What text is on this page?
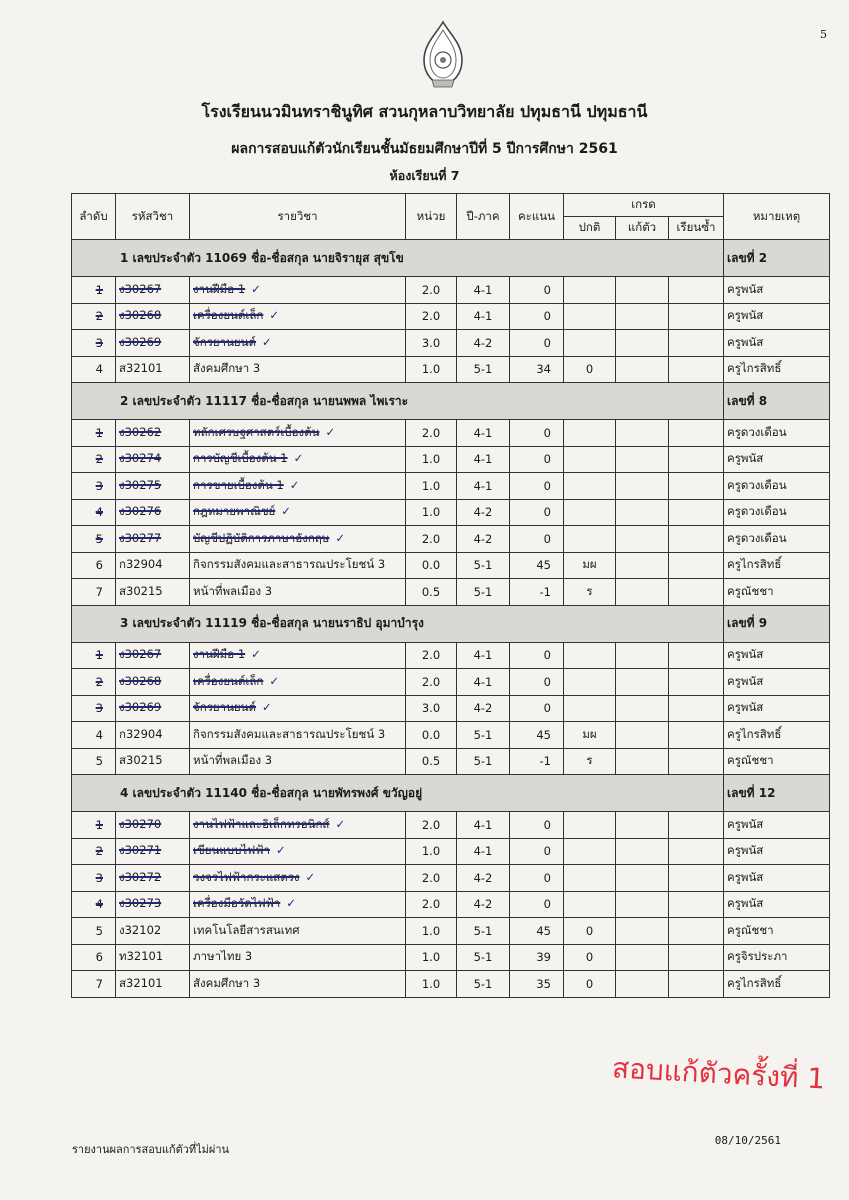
5
โรงเรียนนวมินทราชินูทิศ สวนกุหลาบวิทยาลัย ปทุมธานี ปทุมธานี
ผลการสอบแก้ตัวนักเรียนชั้นมัธยมศึกษาปีที่ 5 ปีการศึกษา 2561
ห้องเรียนที่ 7
ลำดับ	รหัสวิชา	รายวิชา	หน่วย	ปี-ภาค	คะแนน	เกรด			หมายเหตุ
						ปกติ	แก้ตัว	เรียนซ้ำ	
1 เลขประจำตัว 11069 ชื่อ-ชื่อสกุล นายจิรายุส สุขโข									เลขที่ 2
1	ง30267	งานฝีมือ 1 ✓	2.0	4-1	0				ครูพนัส
2	ง30268	เครื่องยนต์เล็ก ✓	2.0	4-1	0				ครูพนัส
3	ง30269	จักรยานยนต์ ✓	3.0	4-2	0				ครูพนัส
4	ส32101	สังคมศึกษา 3	1.0	5-1	34	0			ครูไกรสิทธิ์
2 เลขประจำตัว 11117 ชื่อ-ชื่อสกุล นายนพพล ไพเราะ									เลขที่ 8
1	ง30262	หลักเศรษฐศาสตร์เบื้องต้น ✓	2.0	4-1	0				ครูดวงเดือน
2	ง30274	การบัญชีเบื้องต้น 1 ✓	1.0	4-1	0				ครูพนัส
3	ง30275	การขายเบื้องต้น 1 ✓	1.0	4-1	0				ครูดวงเดือน
4	ง30276	กฎหมายพาณิชย์ ✓	1.0	4-2	0				ครูดวงเดือน
5	ง30277	บัญชีปฏิบัติการภาษาอังกฤษ ✓	2.0	4-2	0				ครูดวงเดือน
6	ก32904	กิจกรรมสังคมและสาธารณประโยชน์ 3	0.0	5-1	45	มผ			ครูไกรสิทธิ์
7	ส30215	หน้าที่พลเมือง 3	0.5	5-1	-1	ร			ครูณัชชา
3 เลขประจำตัว 11119 ชื่อ-ชื่อสกุล นายนราธิป อุมาบำรุง									เลขที่ 9
1	ง30267	งานฝีมือ 1 ✓	2.0	4-1	0				ครูพนัส
2	ง30268	เครื่องยนต์เล็ก ✓	2.0	4-1	0				ครูพนัส
3	ง30269	จักรยานยนต์ ✓	3.0	4-2	0				ครูพนัส
4	ก32904	กิจกรรมสังคมและสาธารณประโยชน์ 3	0.0	5-1	45	มผ			ครูไกรสิทธิ์
5	ส30215	หน้าที่พลเมือง 3	0.5	5-1	-1	ร			ครูณัชชา
4 เลขประจำตัว 11140 ชื่อ-ชื่อสกุล นายพัทรพงศ์ ขวัญอยู่									เลขที่ 12
1	ง30270	งานไฟฟ้าและอิเล็กทรอนิกส์ ✓	2.0	4-1	0				ครูพนัส
2	ง30271	เขียนแบบไฟฟ้า ✓	1.0	4-1	0				ครูพนัส
3	ง30272	วงจรไฟฟ้ากระแสตรง ✓	2.0	4-2	0				ครูพนัส
4	ง30273	เครื่องมือวัดไฟฟ้า ✓	2.0	4-2	0				ครูพนัส
5	ง32102	เทคโนโลยีสารสนเทศ	1.0	5-1	45	0			ครูณัชชา
6	ท32101	ภาษาไทย 3	1.0	5-1	39	0			ครูจิรประภา
7	ส32101	สังคมศึกษา 3	1.0	5-1	35	0			ครูไกรสิทธิ์
สอบแก้ตัวครั้งที่ 1
รายงานผลการสอบแก้ตัวที่ไม่ผ่าน
08/10/2561
